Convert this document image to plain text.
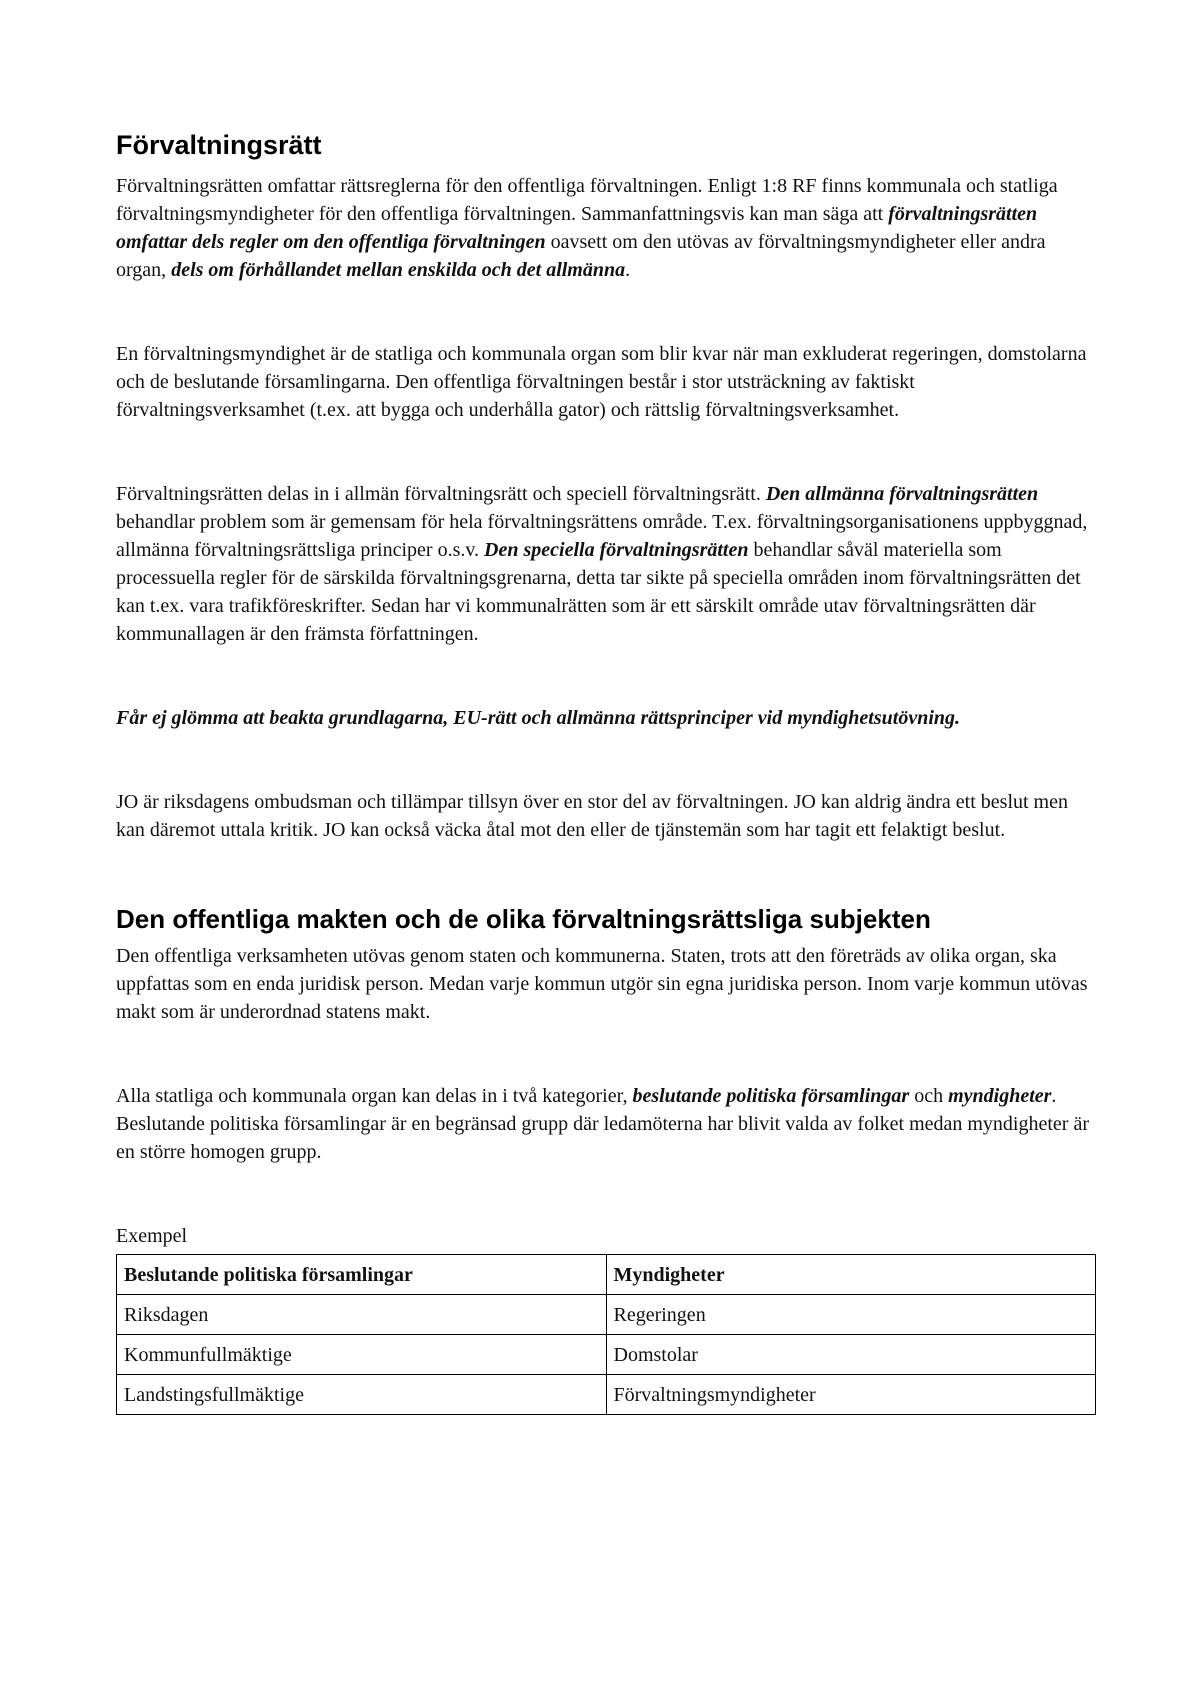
Förvaltningsrätt

Förvaltningsrätten omfattar rättsreglerna för den offentliga förvaltningen. Enligt 1:8 RF finns kommunala och statliga förvaltningsmyndigheter för den offentliga förvaltningen. Sammanfattningsvis kan man säga att förvaltningsrätten omfattar dels regler om den offentliga förvaltningen oavsett om den utövas av förvaltningsmyndigheter eller andra organ, dels om förhållandet mellan enskilda och det allmänna.

En förvaltningsmyndighet är de statliga och kommunala organ som blir kvar när man exkluderat regeringen, domstolarna och de beslutande församlingarna. Den offentliga förvaltningen består i stor utsträckning av faktiskt förvaltningsverksamhet (t.ex. att bygga och underhålla gator) och rättslig förvaltningsverksamhet.

Förvaltningsrätten delas in i allmän förvaltningsrätt och speciell förvaltningsrätt. Den allmänna förvaltningsrätten behandlar problem som är gemensam för hela förvaltningsrättens område. T.ex. förvaltningsorganisationens uppbyggnad, allmänna förvaltningsrättsliga principer o.s.v. Den speciella förvaltningsrätten behandlar såväl materiella som processuella regler för de särskilda förvaltningsgrenarna, detta tar sikte på speciella områden inom förvaltningsrätten det kan t.ex. vara trafikföreskrifter. Sedan har vi kommunalrätten som är ett särskilt område utav förvaltningsrätten där kommunallagen är den främsta författningen.

Får ej glömma att beakta grundlagarna, EU-rätt och allmänna rättsprinciper vid myndighetsutövning.

JO är riksdagens ombudsman och tillämpar tillsyn över en stor del av förvaltningen. JO kan aldrig ändra ett beslut men kan däremot uttala kritik. JO kan också väcka åtal mot den eller de tjänstemän som har tagit ett felaktigt beslut.

Den offentliga makten och de olika förvaltningsrättsliga subjekten

Den offentliga verksamheten utövas genom staten och kommunerna. Staten, trots att den företräds av olika organ, ska uppfattas som en enda juridisk person. Medan varje kommun utgör sin egna juridiska person. Inom varje kommun utövas makt som är underordnad statens makt.

Alla statliga och kommunala organ kan delas in i två kategorier, beslutande politiska församlingar och myndigheter. Beslutande politiska församlingar är en begränsad grupp där ledamöterna har blivit valda av folket medan myndigheter är en större homogen grupp.

Exempel

Beslutande politiska församlingar	Myndigheter
Riksdagen	Regeringen
Kommunfullmäktige	Domstolar
Landstingsfullmäktige	Förvaltningsmyndigheter
